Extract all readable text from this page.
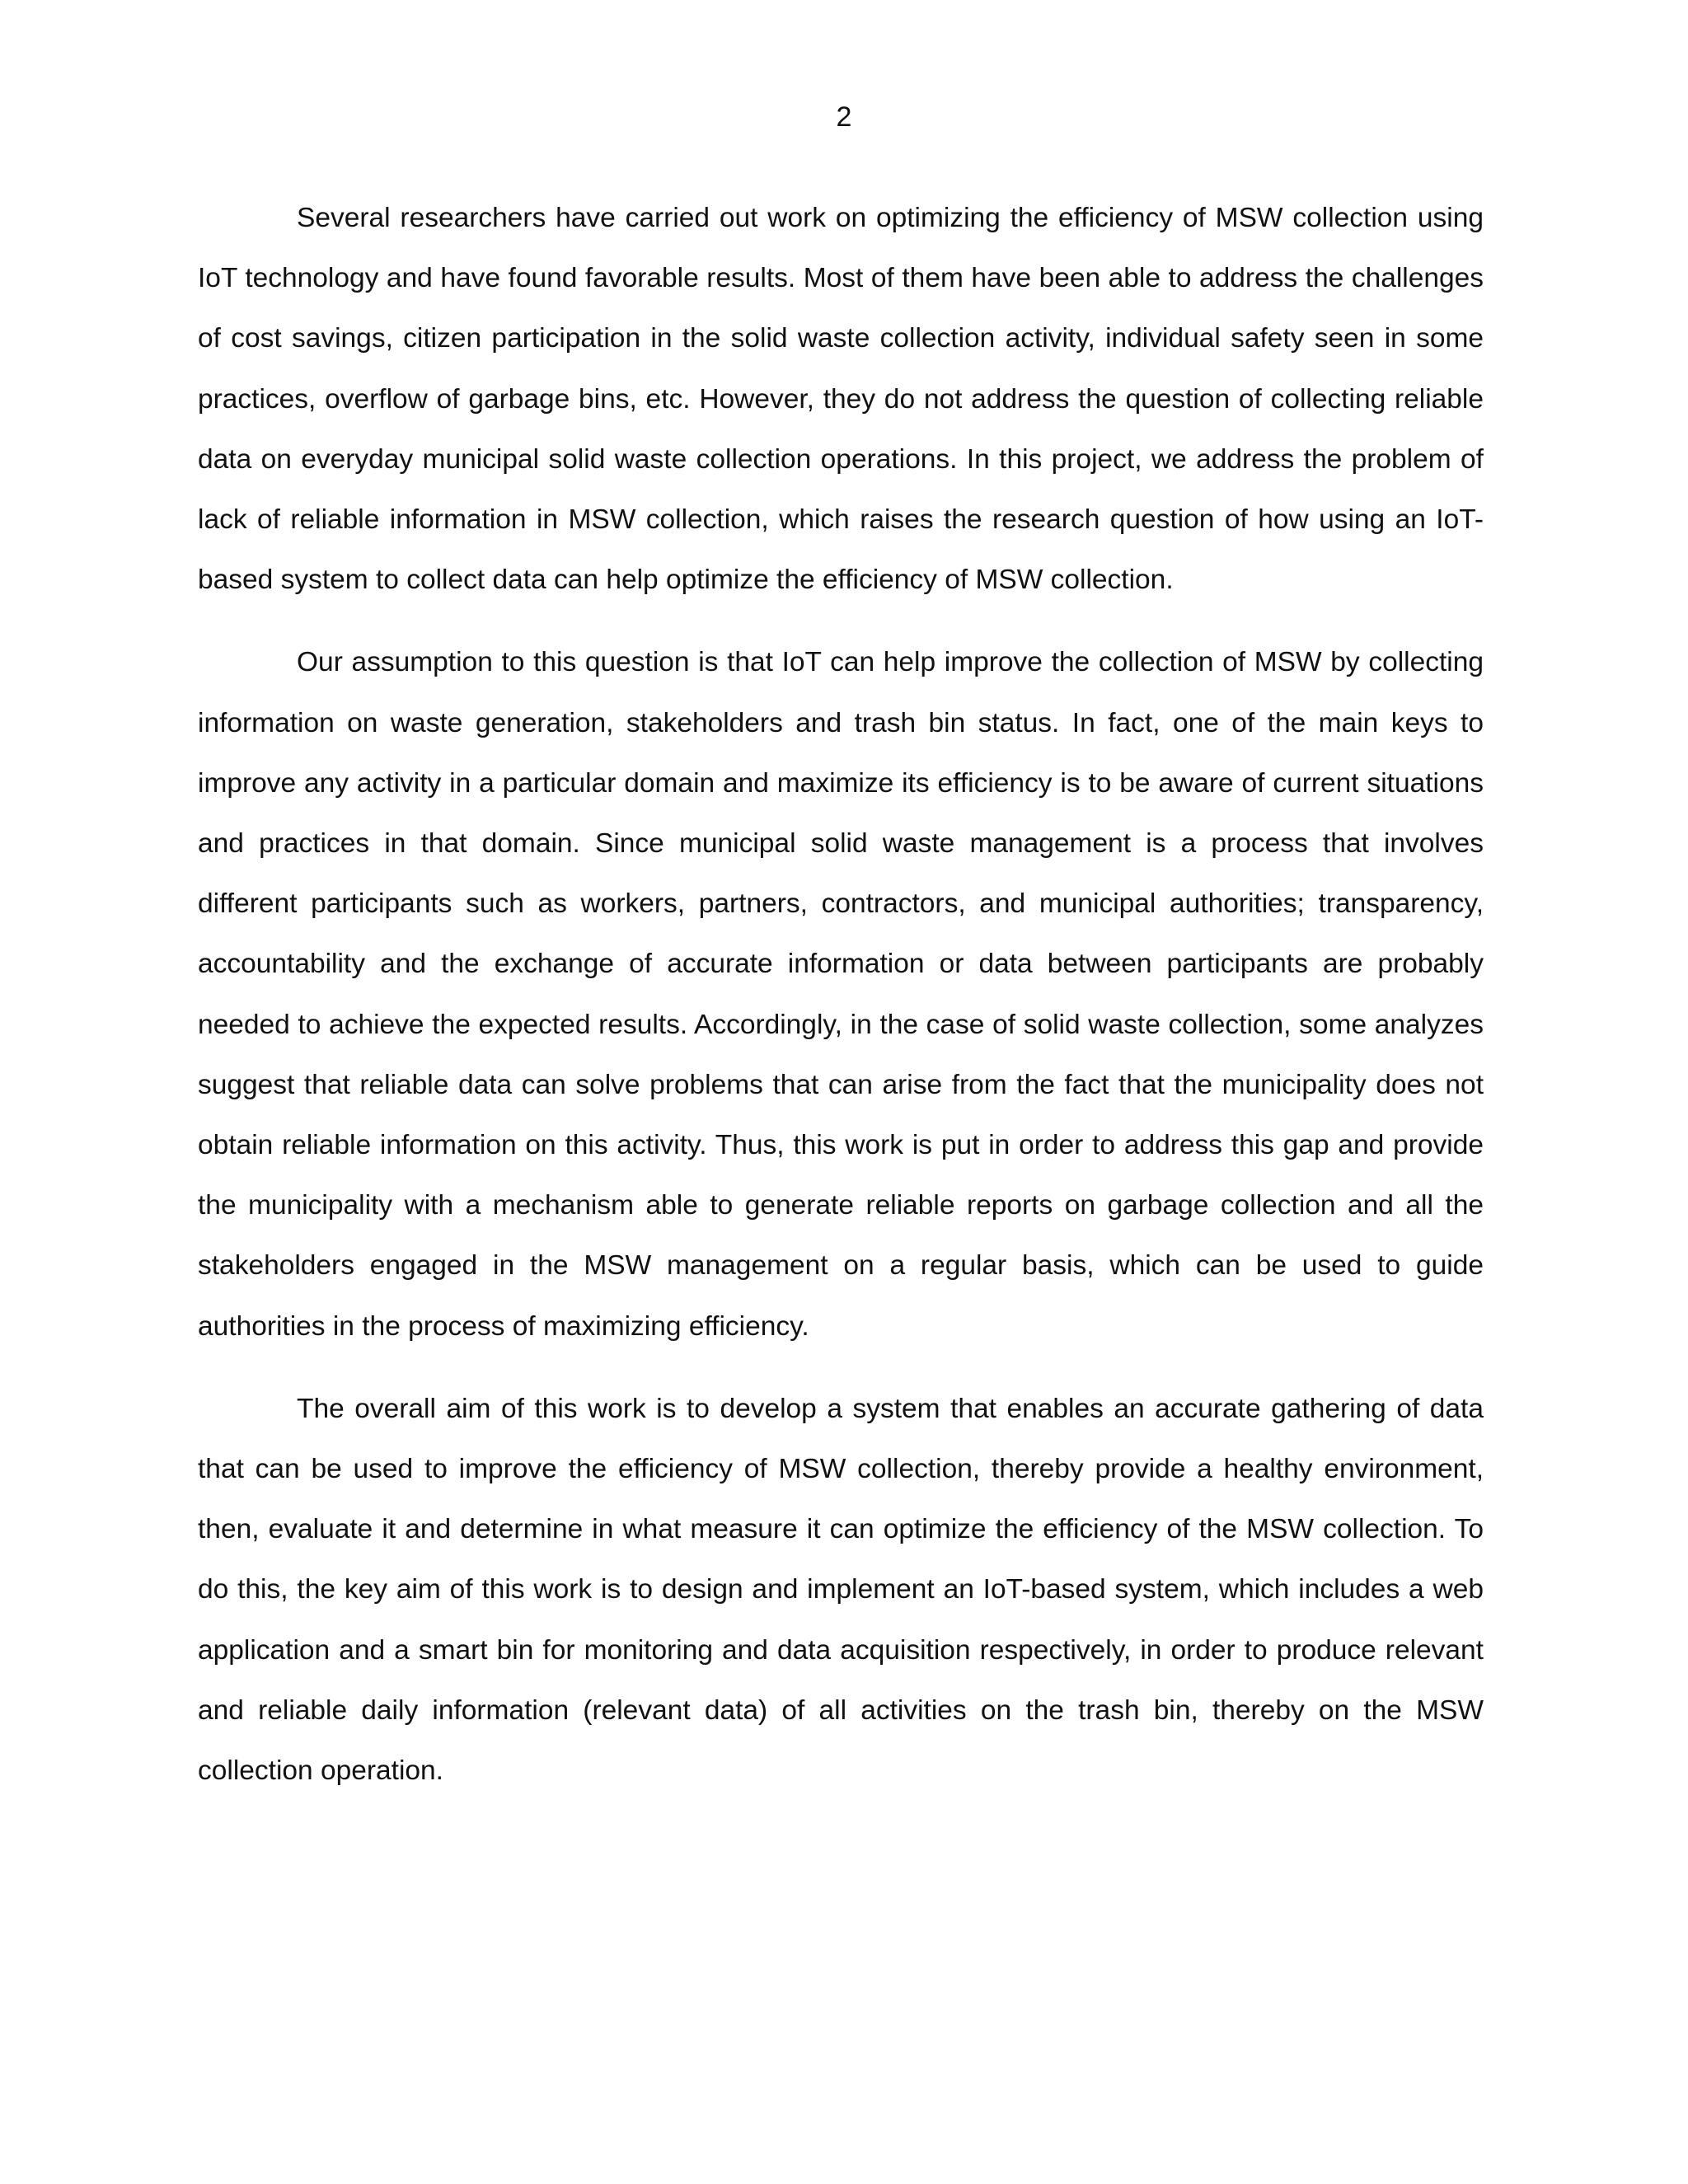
2

Several researchers have carried out work on optimizing the efficiency of MSW collection using IoT technology and have found favorable results. Most of them have been able to address the challenges of cost savings, citizen participation in the solid waste collection activity, individual safety seen in some practices, overflow of garbage bins, etc. However, they do not address the question of collecting reliable data on everyday municipal solid waste collection operations. In this project, we address the problem of lack of reliable information in MSW collection, which raises the research question of how using an IoT-based system to collect data can help optimize the efficiency of MSW collection.

Our assumption to this question is that IoT can help improve the collection of MSW by collecting information on waste generation, stakeholders and trash bin status. In fact, one of the main keys to improve any activity in a particular domain and maximize its efficiency is to be aware of current situations and practices in that domain. Since municipal solid waste management is a process that involves different participants such as workers, partners, contractors, and municipal authorities; transparency, accountability and the exchange of accurate information or data between participants are probably needed to achieve the expected results. Accordingly, in the case of solid waste collection, some analyzes suggest that reliable data can solve problems that can arise from the fact that the municipality does not obtain reliable information on this activity. Thus, this work is put in order to address this gap and provide the municipality with a mechanism able to generate reliable reports on garbage collection and all the stakeholders engaged in the MSW management on a regular basis, which can be used to guide authorities in the process of maximizing efficiency.

The overall aim of this work is to develop a system that enables an accurate gathering of data that can be used to improve the efficiency of MSW collection, thereby provide a healthy environment, then, evaluate it and determine in what measure it can optimize the efficiency of the MSW collection. To do this, the key aim of this work is to design and implement an IoT-based system, which includes a web application and a smart bin for monitoring and data acquisition respectively, in order to produce relevant and reliable daily information (relevant data) of all activities on the trash bin, thereby on the MSW collection operation.
